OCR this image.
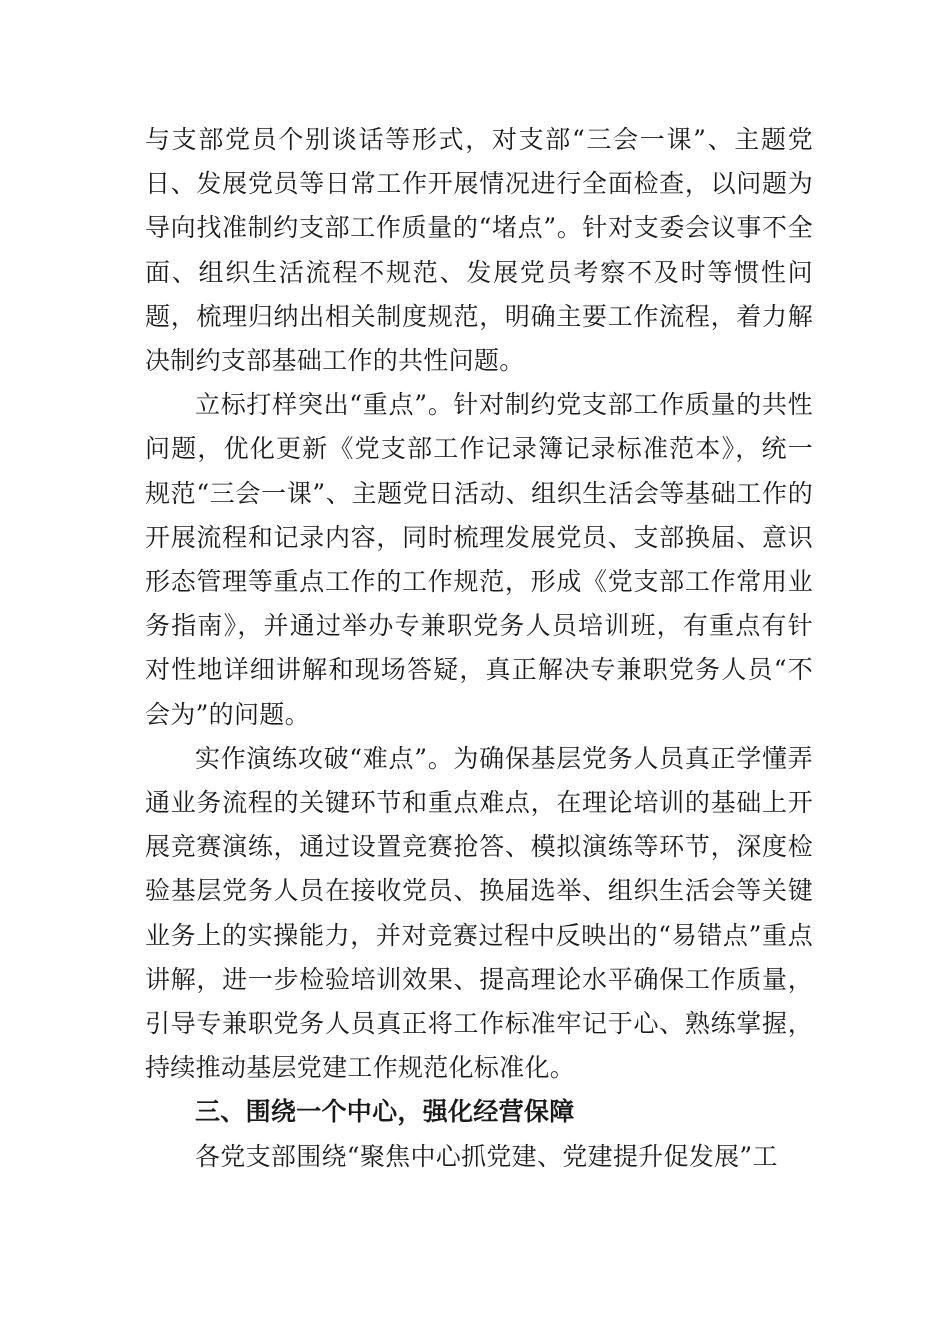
与支部党员个别谈话等形式，对支部“三会一课”、主题党日、发展党员等日常工作开展情况进行全面检查，以问题为导向找准制约支部工作质量的“堵点”。针对支委会议事不全面、组织生活流程不规范、发展党员考察不及时等惯性问题，梳理归纳出相关制度规范，明确主要工作流程，着力解决制约支部基础工作的共性问题。

立标打样突出“重点”。针对制约党支部工作质量的共性问题，优化更新《党支部工作记录簿记录标准范本》，统一规范“三会一课”、主题党日活动、组织生活会等基础工作的开展流程和记录内容，同时梳理发展党员、支部换届、意识形态管理等重点工作的工作规范，形成《党支部工作常用业务指南》，并通过举办专兼职党务人员培训班，有重点有针对性地详细讲解和现场答疑，真正解决专兼职党务人员“不会为”的问题。

实作演练攻破“难点”。为确保基层党务人员真正学懂弄通业务流程的关键环节和重点难点，在理论培训的基础上开展竞赛演练，通过设置竞赛抢答、模拟演练等环节，深度检验基层党务人员在接收党员、换届选举、组织生活会等关键业务上的实操能力，并对竞赛过程中反映出的“易错点”重点讲解，进一步检验培训效果、提高理论水平确保工作质量，引导专兼职党务人员真正将工作标准牢记于心、熟练掌握，持续推动基层党建工作规范化标准化。

三、围绕一个中心，强化经营保障

各党支部围绕“聚焦中心抓党建、党建提升促发展”工
